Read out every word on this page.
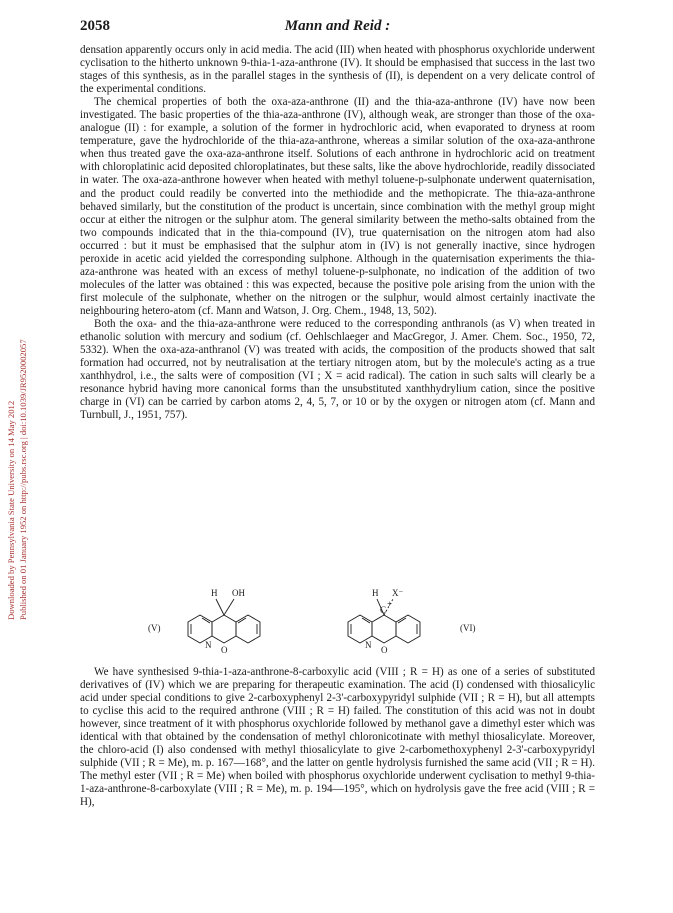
2058	Mann and Reid :
Downloaded by Pennsylvania State University on 14 May 2012 Published on 01 January 1952 on http://pubs.rsc.org | doi:10.1039/JR9520002057

densation apparently occurs only in acid media. The acid (III) when heated with phosphorus oxychloride underwent cyclisation to the hitherto unknown 9-thia-1-aza-anthrone (IV). It should be emphasised that success in the last two stages of this synthesis, as in the parallel stages in the synthesis of (II), is dependent on a very delicate control of the experimental conditions.

The chemical properties of both the oxa-aza-anthrone (II) and the thia-aza-anthrone (IV) have now been investigated. The basic properties of the thia-aza-anthrone (IV), although weak, are stronger than those of the oxa-analogue (II) : for example, a solution of the former in hydrochloric acid, when evaporated to dryness at room temperature, gave the hydrochloride of the thia-aza-anthrone, whereas a similar solution of the oxa-aza-anthrone when thus treated gave the oxa-aza-anthrone itself. Solutions of each anthrone in hydrochloric acid on treatment with chloroplatinic acid deposited chloroplatinates, but these salts, like the above hydrochloride, readily dissociated in water. The oxa-aza-anthrone however when heated with methyl toluene-p-sulphonate underwent quaternisation, and the product could readily be converted into the methiodide and the methopicrate. The thia-aza-anthrone behaved similarly, but the constitution of the product is uncertain, since combination with the methyl group might occur at either the nitrogen or the sulphur atom. The general similarity between the metho-salts obtained from the two compounds indicated that in the thia-compound (IV), true quaternisation on the nitrogen atom had also occurred : but it must be emphasised that the sulphur atom in (IV) is not generally inactive, since hydrogen peroxide in acetic acid yielded the corresponding sulphone. Although in the quaternisation experiments the thia-aza-anthrone was heated with an excess of methyl toluene-p-sulphonate, no indication of the addition of two molecules of the latter was obtained : this was expected, because the positive pole arising from the union with the first molecule of the sulphonate, whether on the nitrogen or the sulphur, would almost certainly inactivate the neighbouring hetero-atom (cf. Mann and Watson, J. Org. Chem., 1948, 13, 502).

Both the oxa- and the thia-aza-anthrone were reduced to the corresponding anthranols (as V) when treated in ethanolic solution with mercury and sodium (cf. Oehlschlaeger and MacGregor, J. Amer. Chem. Soc., 1950, 72, 5332). When the oxa-aza-anthranol (V) was treated with acids, the composition of the products showed that salt formation had occurred, not by neutralisation at the tertiary nitrogen atom, but by the molecule's acting as a true xanthhydrol, i.e., the salts were of composition (VI ; X = acid radical). The cation in such salts will clearly be a resonance hybrid having more canonical forms than the unsubstituted xanthhydrylium cation, since the positive charge in (VI) can be carried by carbon atoms 2, 4, 5, 7, or 10 or by the oxygen or nitrogen atom (cf. Mann and Turnbull, J., 1951, 757).

H OH
N O
(V)
H X⁻
C
+
N O
(VI)

We have synthesised 9-thia-1-aza-anthrone-8-carboxylic acid (VIII ; R = H) as one of a series of substituted derivatives of (IV) which we are preparing for therapeutic examination. The acid (I) condensed with thiosalicylic acid under special conditions to give 2-carboxyphenyl 2-3'-carboxypyridyl sulphide (VII ; R = H), but all attempts to cyclise this acid to the required anthrone (VIII ; R = H) failed. The constitution of this acid was not in doubt however, since treatment of it with phosphorus oxychloride followed by methanol gave a dimethyl ester which was identical with that obtained by the condensation of methyl chloronicotinate with methyl thiosalicylate. Moreover, the chloro-acid (I) also condensed with methyl thiosalicylate to give 2-carbomethoxyphenyl 2-3'-carboxypyridyl sulphide (VII ; R = Me), m. p. 167—168°, and the latter on gentle hydrolysis furnished the same acid (VII ; R = H). The methyl ester (VII ; R = Me) when boiled with phosphorus oxychloride underwent cyclisation to methyl 9-thia-1-aza-anthrone-8-carboxylate (VIII ; R = Me), m. p. 194—195°, which on hydrolysis gave the free acid (VIII ; R = H),
